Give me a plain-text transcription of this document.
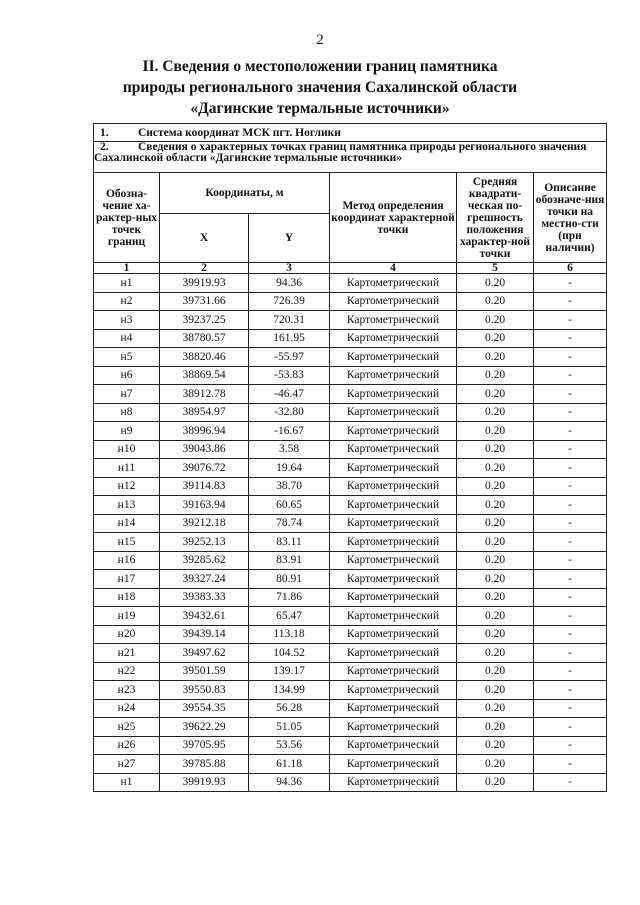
2
II. Сведения о местоположении границ памятника
природы регионального значения Сахалинской области
«Дагинские термальные источники»
1. Система координат МСК пгт. Ноглики					
2. Сведения о характерных точках границ памятника природы регионального значения Сахалинской области «Дагинские термальные источники»					
Обозна-чение ха-рактер-ных точек границ	Координаты, м		Метод определения координат характерной точки	Средняя квадрати-ческая по-грешность положения характер-ной точки	Описание обозначе-ния точки на местно-сти (при наличии)
	X	Y			
1	2	3	4	5	6
н1	39919.93	94.36	Картометрический	0.20	-
н2	39731.66	726.39	Картометрический	0.20	-
н3	39237.25	720.31	Картометрический	0.20	-
н4	38780.57	161.95	Картометрический	0.20	-
н5	38820.46	-55.97	Картометрический	0.20	-
н6	38869.54	-53.83	Картометрический	0.20	-
н7	38912.78	-46.47	Картометрический	0.20	-
н8	38954.97	-32.80	Картометрический	0.20	-
н9	38996.94	-16.67	Картометрический	0.20	-
н10	39043.86	3.58	Картометрический	0.20	-
н11	39076.72	19.64	Картометрический	0.20	-
н12	39114.83	38.70	Картометрический	0.20	-
н13	39163.94	60.65	Картометрический	0.20	-
н14	39212.18	78.74	Картометрический	0.20	-
н15	39252.13	83.11	Картометрический	0.20	-
н16	39285.62	83.91	Картометрический	0.20	-
н17	39327.24	80.91	Картометрический	0.20	-
н18	39383.33	71.86	Картометрический	0.20	-
н19	39432.61	65.47	Картометрический	0.20	-
н20	39439.14	113.18	Картометрический	0.20	-
н21	39497.62	104.52	Картометрический	0.20	-
н22	39501.59	139.17	Картометрический	0.20	-
н23	39550.83	134.99	Картометрический	0.20	-
н24	39554.35	56.28	Картометрический	0.20	-
н25	39622.29	51.05	Картометрический	0.20	-
н26	39705.95	53.56	Картометрический	0.20	-
н27	39785.88	61.18	Картометрический	0.20	-
н1	39919.93	94.36	Картометрический	0.20	-
